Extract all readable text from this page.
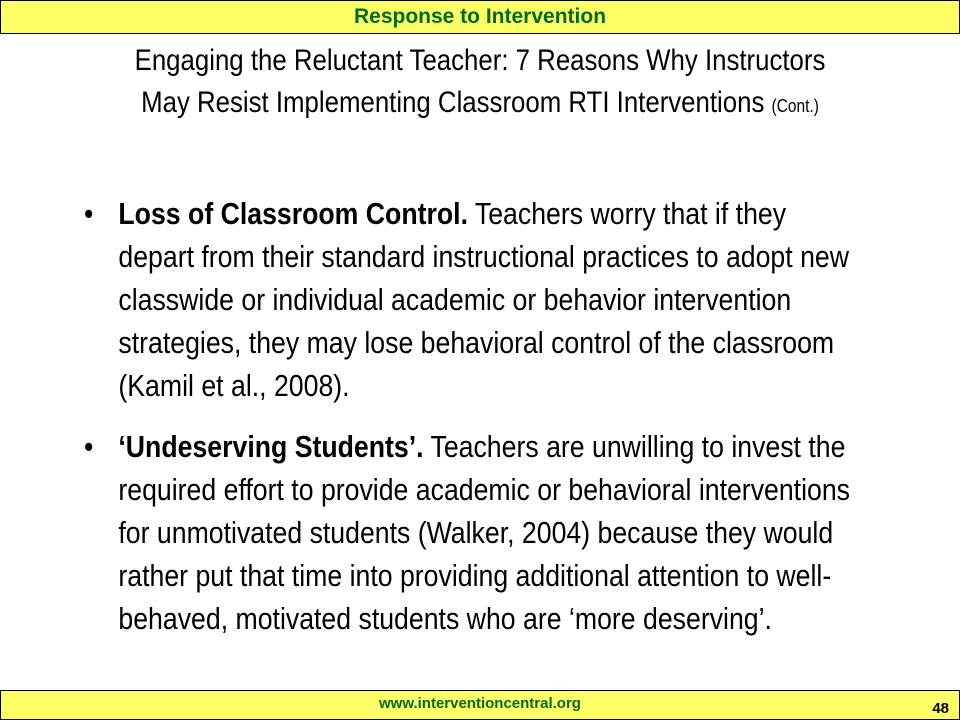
Response to Intervention
Engaging the Reluctant Teacher: 7 Reasons Why Instructors May Resist Implementing Classroom RTI Interventions (Cont.)
• Loss of Classroom Control. Teachers worry that if they depart from their standard instructional practices to adopt new classwide or individual academic or behavior intervention strategies, they may lose behavioral control of the classroom (Kamil et al., 2008).
• ‘Undeserving Students’. Teachers are unwilling to invest the required effort to provide academic or behavioral interventions for unmotivated students (Walker, 2004) because they would rather put that time into providing additional attention to well-behaved, motivated students who are ‘more deserving’.
www.interventioncentral.org	48
